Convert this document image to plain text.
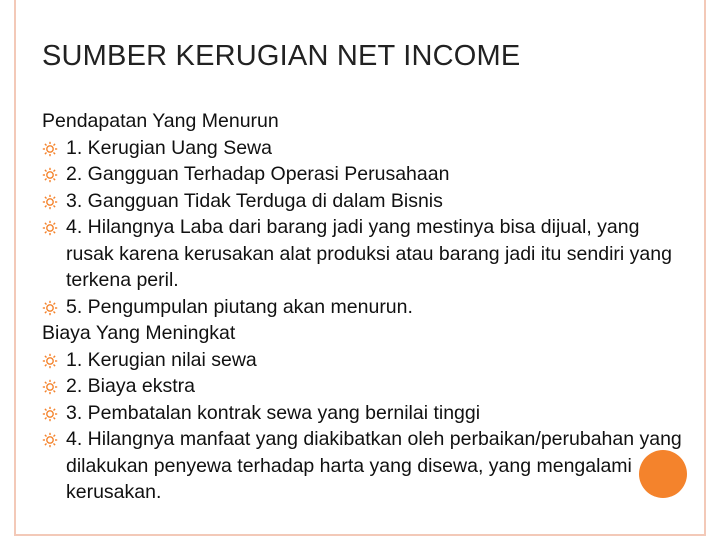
SUMBER KERUGIAN NET INCOME

Pendapatan Yang Menurun

1. Kerugian Uang Sewa

2. Gangguan Terhadap Operasi Perusahaan

3. Gangguan Tidak Terduga di dalam Bisnis

4. Hilangnya Laba dari barang jadi yang mestinya bisa dijual, yang rusak karena kerusakan alat produksi atau barang jadi itu sendiri yang terkena peril.

5. Pengumpulan piutang akan menurun.

Biaya Yang Meningkat

1. Kerugian nilai sewa

2. Biaya ekstra

3. Pembatalan kontrak sewa yang bernilai tinggi

4. Hilangnya manfaat yang diakibatkan oleh perbaikan/perubahan yang dilakukan penyewa terhadap harta yang disewa, yang mengalami kerusakan.
